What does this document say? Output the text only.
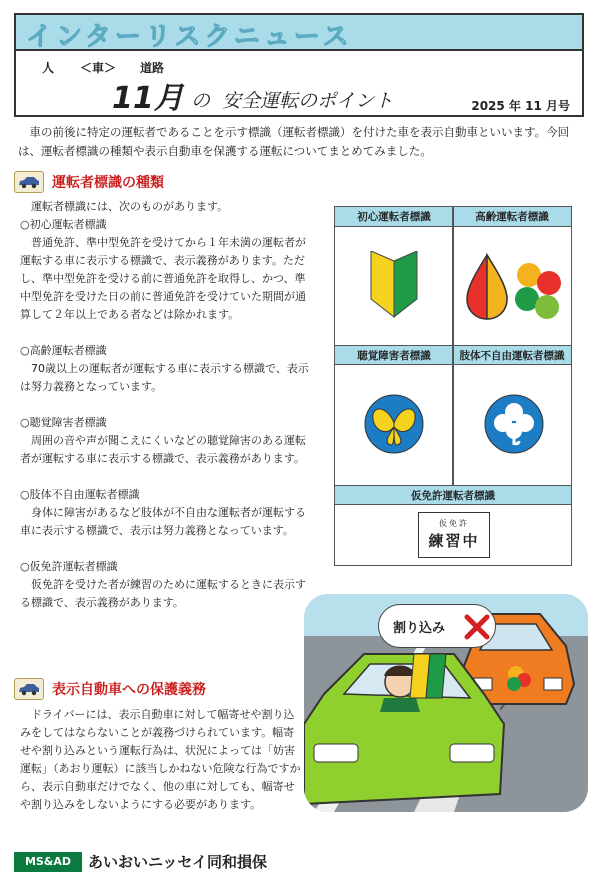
インターリスクニュース
人 ＜車＞ 道路
11月 の 安全運転のポイント	2025 年 11 月号
車の前後に特定の運転者であることを示す標識（運転者標識）を付けた車を表示自動車といいます。今回は、運転者標識の種類や表示自動車を保護する運転についてまとめてみました。
運転者標識の種類

運転者標識には、次のものがあります。

○初心運転者標識

普通免許、準中型免許を受けてから１年未満の運転者が運転する車に表示する標識で、表示義務があります。ただし、準中型免許を受ける前に普通免許を取得し、かつ、準中型免許を受けた日の前に普通免許を受けていた期間が通算して２年以上である者などは除かれます。

○高齢運転者標識

70歳以上の運転者が運転する車に表示する標識で、表示は努力義務となっています。

○聴覚障害者標識

周囲の音や声が聞こえにくいなどの聴覚障害のある運転者が運転する車に表示する標識で、表示義務があります。

○肢体不自由運転者標識

身体に障害があるなど肢体が不自由な運転者が運転する車に表示する標識で、表示は努力義務となっています。

○仮免許運転者標識

仮免許を受けた者が練習のために運転するときに表示する標識で、表示義務があります。

初心運転者標識	高齢運転者標識
聴覚障害者標識	肢体不自由運転者標識
仮免許運転者標識
仮免許
練習中
割り込み
表示自動車への保護義務

ドライバーには、表示自動車に対して幅寄せや割り込みをしてはならないことが義務づけられています。幅寄せや割り込みという運転行為は、状況によっては「妨害運転」（あおり運転）に該当しかねない危険な行為ですから、表示自動車だけでなく、他の車に対しても、幅寄せや割り込みをしないようにする必要があります。

MS&AD	あいおいニッセイ同和損保
